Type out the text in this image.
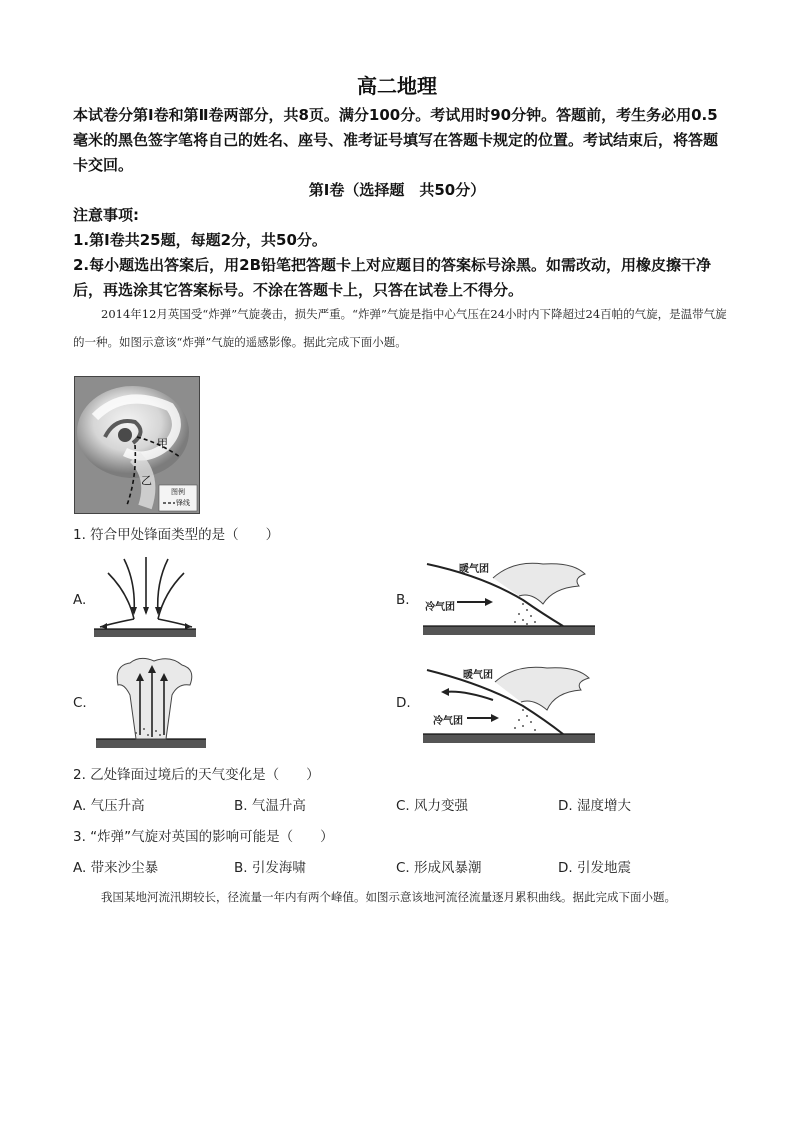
高二地理
本试卷分第Ⅰ卷和第Ⅱ卷两部分，共8页。满分100分。考试用时90分钟。答题前，考生务必用0.5毫米的黑色签字笔将自己的姓名、座号、准考证号填写在答题卡规定的位置。考试结束后，将答题卡交回。
第Ⅰ卷（选择题　共50分）
注意事项:
1.第Ⅰ卷共25题，每题2分，共50分。
2.每小题选出答案后，用2B铅笔把答题卡上对应题目的答案标号涂黑。如需改动，用橡皮擦干净后，再选涂其它答案标号。不涂在答题卡上，只答在试卷上不得分。
2014年12月英国受“炸弹”气旋袭击，损失严重。“炸弹”气旋是指中心气压在24小时内下降超过24百帕的气旋，是温带气旋的一种。如图示意该“炸弹”气旋的遥感影像。据此完成下面小题。
甲
乙
图例
锋线
1. 符合甲处锋面类型的是（　　）
A.	B.
暖气团
冷气团
C.	D.
暖气团
冷气团
2. 乙处锋面过境后的天气变化是（　　）
A. 气压升高	B. 气温升高	C. 风力变强	D. 湿度增大
3. “炸弹”气旋对英国的影响可能是（　　）
A. 带来沙尘暴	B. 引发海啸	C. 形成风暴潮	D. 引发地震
我国某地河流汛期较长，径流量一年内有两个峰值。如图示意该地河流径流量逐月累积曲线。据此完成下面小题。
